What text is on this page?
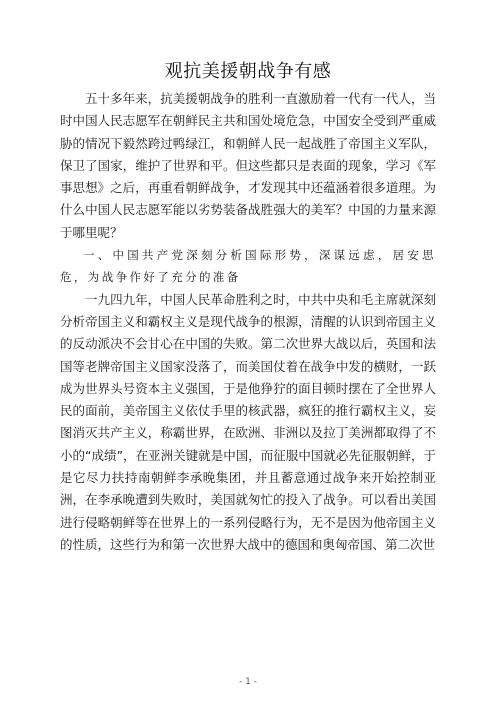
观抗美援朝战争有感

五十多年来，抗美援朝战争的胜利一直激励着一代有一代人，当时中国人民志愿军在朝鲜民主共和国处境危急，中国安全受到严重威胁的情况下毅然跨过鸭绿江，和朝鲜人民一起战胜了帝国主义军队，保卫了国家，维护了世界和平。但这些都只是表面的现象，学习《军事思想》之后，再重看朝鲜战争，才发现其中还蕴涵着很多道理。为什么中国人民志愿军能以劣势装备战胜强大的美军？中国的力量来源于哪里呢？

一、中国共产党深刻分析国际形势，深谋远虑，居安思危，为战争作好了充分的准备

一九四九年，中国人民革命胜利之时，中共中央和毛主席就深刻分析帝国主义和霸权主义是现代战争的根源，清醒的认识到帝国主义的反动派决不会甘心在中国的失败。第二次世界大战以后，英国和法国等老牌帝国主义国家没落了，而美国仗着在战争中发的横财，一跃成为世界头号资本主义强国，于是他狰狞的面目顿时摆在了全世界人民的面前，美帝国主义依仗手里的核武器，疯狂的推行霸权主义，妄图消灭共产主义，称霸世界，在欧洲、非洲以及拉丁美洲都取得了不小的“成绩”，在亚洲关键就是中国，而征服中国就必先征服朝鲜，于是它尽力扶持南朝鲜李承晚集团，并且蓄意通过战争来开始控制亚洲，在李承晚遭到失败时，美国就匆忙的投入了战争。可以看出美国进行侵略朝鲜等在世界上的一系列侵略行为，无不是因为他帝国主义的性质，这些行为和第一次世界大战中的德国和奥匈帝国、第二次世

- 1 -
